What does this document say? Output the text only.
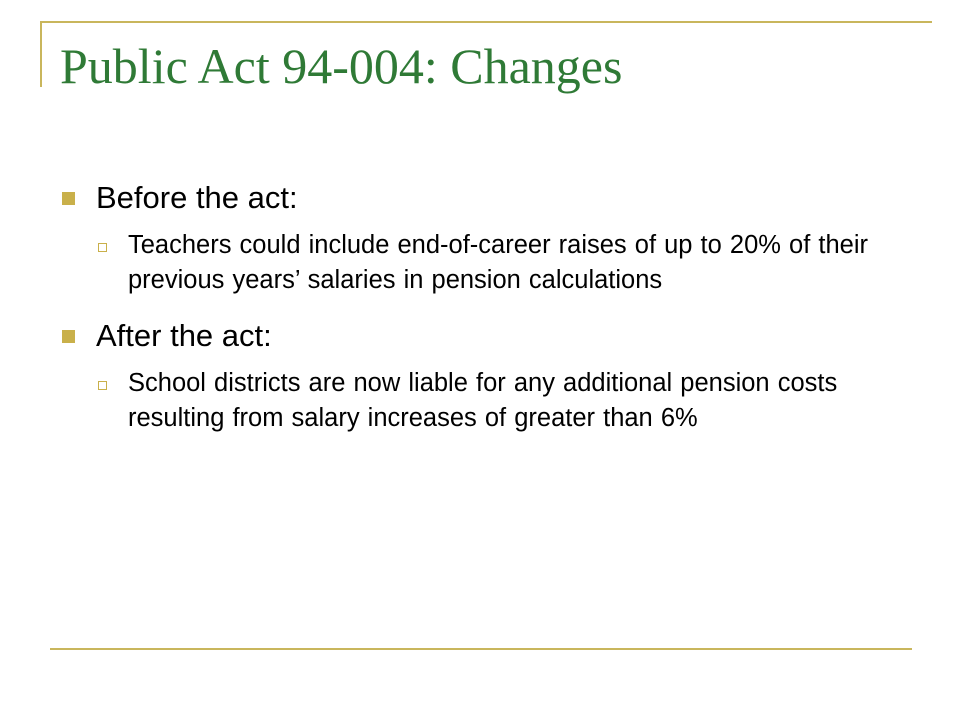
Public Act 94-004: Changes
Before the act:
Teachers could include end-of-career raises of up to 20% of their previous years’ salaries in pension calculations
After the act:
School districts are now liable for any additional pension costs resulting from salary increases of greater than 6%
